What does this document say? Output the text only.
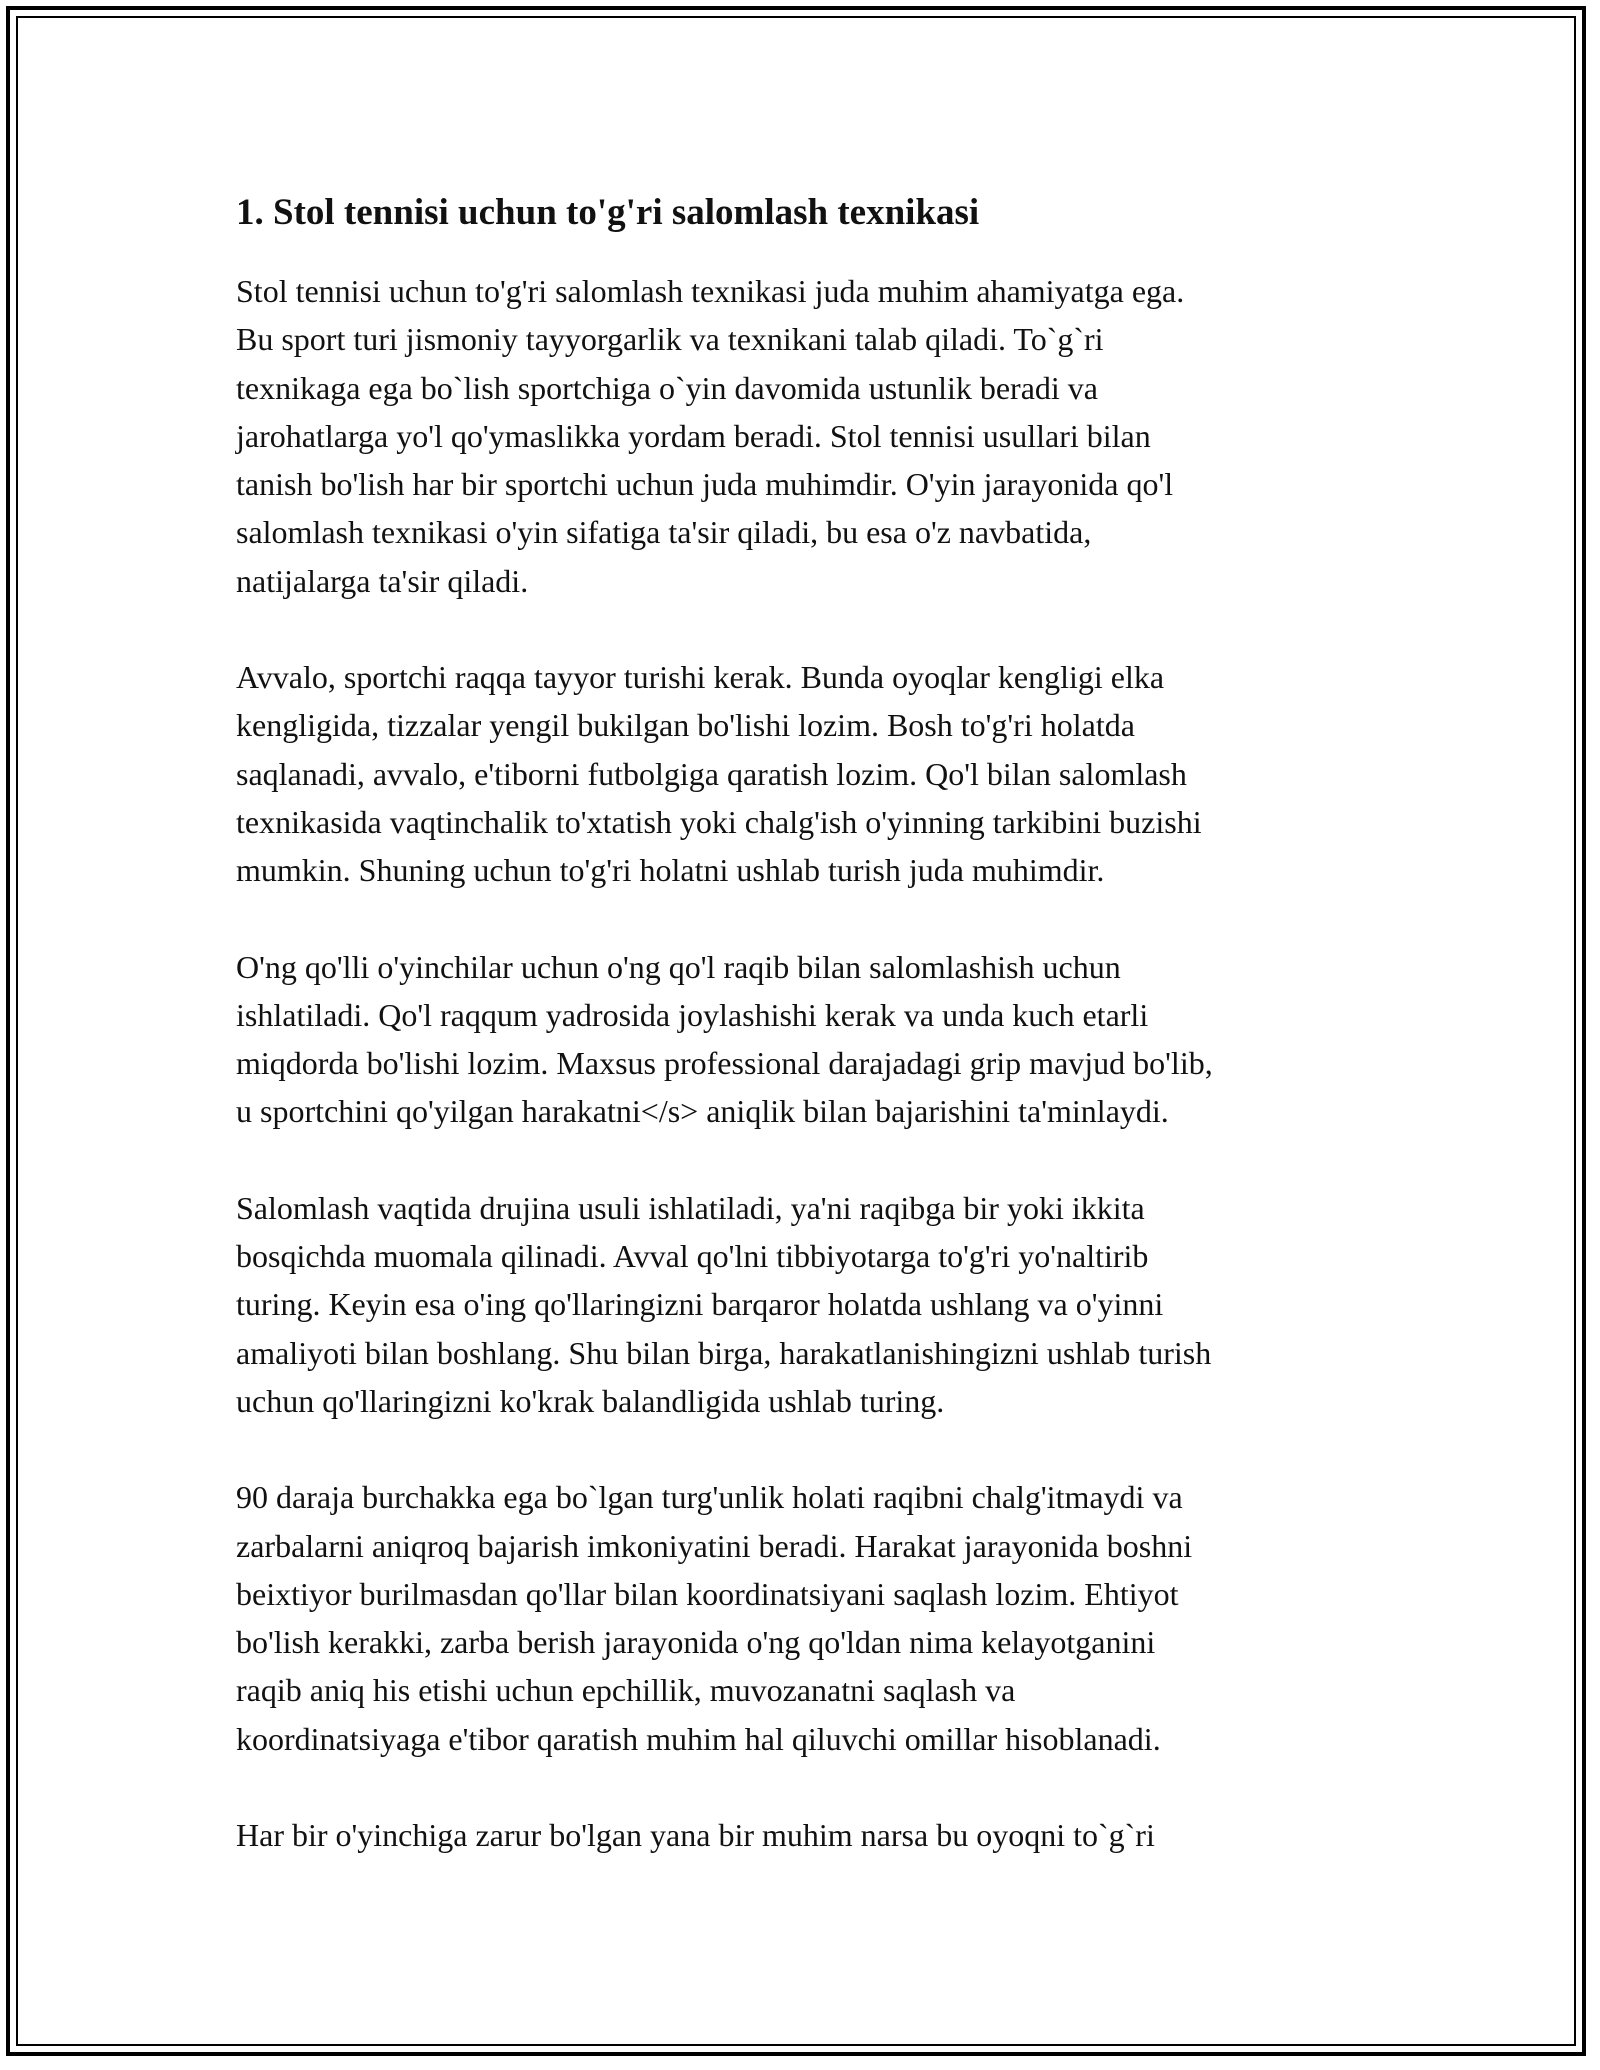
1. Stol tennisi uchun to'g'ri salomlash texnikasi

Stol tennisi uchun to'g'ri salomlash texnikasi juda muhim ahamiyatga ega.
Bu sport turi jismoniy tayyorgarlik va texnikani talab qiladi. To`g`ri
texnikaga ega bo`lish sportchiga o`yin davomida ustunlik beradi va
jarohatlarga yo'l qo'ymaslikka yordam beradi. Stol tennisi usullari bilan
tanish bo'lish har bir sportchi uchun juda muhimdir. O'yin jarayonida qo'l
salomlash texnikasi o'yin sifatiga ta'sir qiladi, bu esa o'z navbatida,
natijalarga ta'sir qiladi.

Avvalo, sportchi raqqa tayyor turishi kerak. Bunda oyoqlar kengligi elka
kengligida, tizzalar yengil bukilgan bo'lishi lozim. Bosh to'g'ri holatda
saqlanadi, avvalo, e'tiborni futbolgiga qaratish lozim. Qo'l bilan salomlash
texnikasida vaqtinchalik to'xtatish yoki chalg'ish o'yinning tarkibini buzishi
mumkin. Shuning uchun to'g'ri holatni ushlab turish juda muhimdir.

O'ng qo'lli o'yinchilar uchun o'ng qo'l raqib bilan salomlashish uchun
ishlatiladi. Qo'l raqqum yadrosida joylashishi kerak va unda kuch etarli
miqdorda bo'lishi lozim. Maxsus professional darajadagi grip mavjud bo'lib,
u sportchini qo'yilgan harakatni</s> aniqlik bilan bajarishini ta'minlaydi.

Salomlash vaqtida drujina usuli ishlatiladi, ya'ni raqibga bir yoki ikkita
bosqichda muomala qilinadi. Avval qo'lni tibbiyotarga to'g'ri yo'naltirib
turing. Keyin esa o'ing qo'llaringizni barqaror holatda ushlang va o'yinni
amaliyoti bilan boshlang. Shu bilan birga, harakatlanishingizni ushlab turish
uchun qo'llaringizni ko'krak balandligida ushlab turing.

90 daraja burchakka ega bo`lgan turg'unlik holati raqibni chalg'itmaydi va
zarbalarni aniqroq bajarish imkoniyatini beradi. Harakat jarayonida boshni
beixtiyor burilmasdan qo'llar bilan koordinatsiyani saqlash lozim. Ehtiyot
bo'lish kerakki, zarba berish jarayonida o'ng qo'ldan nima kelayotganini
raqib aniq his etishi uchun epchillik, muvozanatni saqlash va
koordinatsiyaga e'tibor qaratish muhim hal qiluvchi omillar hisoblanadi.

Har bir o'yinchiga zarur bo'lgan yana bir muhim narsa bu oyoqni to`g`ri
